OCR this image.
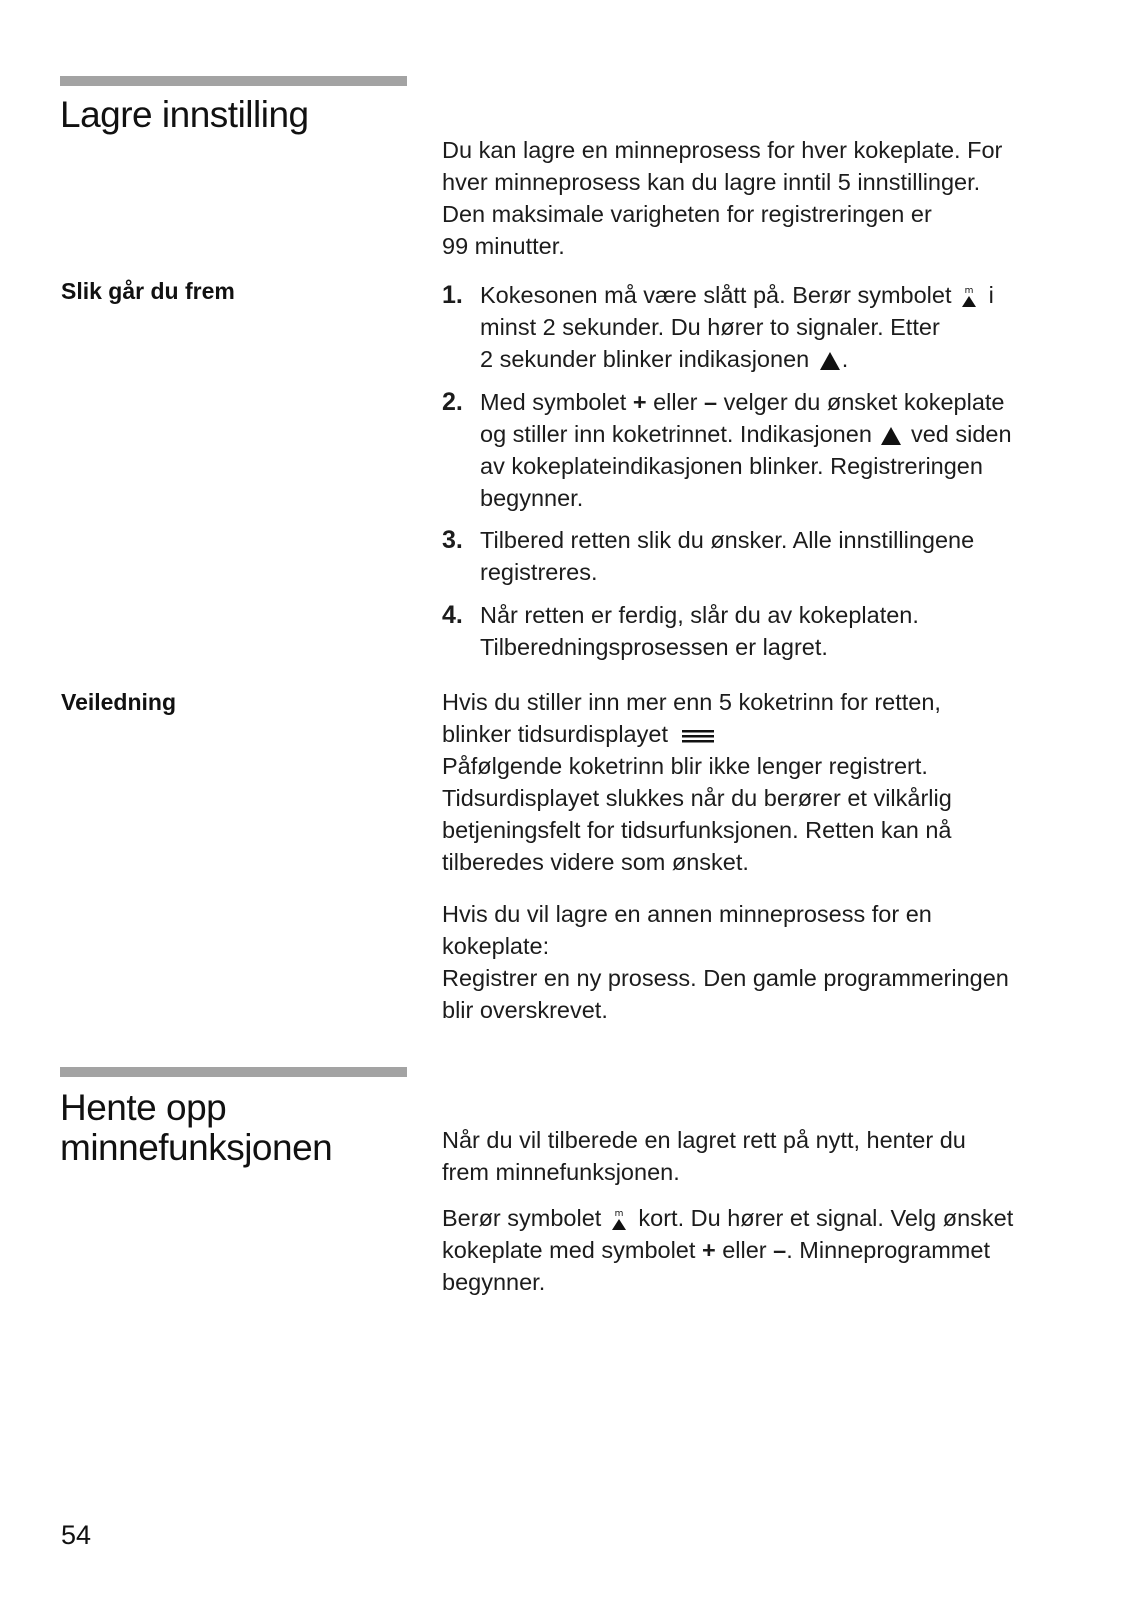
Lagre innstilling
Du kan lagre en minneprosess for hver kokeplate. For
hver minneprosess kan du lagre inntil 5 innstillinger.
Den maksimale varigheten for registreringen er
99 minutter.
Slik går du frem	1. Kokesonen må være slått på. Berør symbolet m i
minst 2 sekunder. Du hører to signaler. Etter
2 sekunder blinker indikasjonen .
2. Med symbolet + eller – velger du ønsket kokeplate
og stiller inn koketrinnet. Indikasjonen ved siden
av kokeplateindikasjonen blinker. Registreringen
begynner.
3. Tilbered retten slik du ønsker. Alle innstillingene
registreres.
4. Når retten er ferdig, slår du av kokeplaten.
Tilberedningsprosessen er lagret.
Veiledning	Hvis du stiller inn mer enn 5 koketrinn for retten,
blinker tidsurdisplayet
Påfølgende koketrinn blir ikke lenger registrert.
Tidsurdisplayet slukkes når du berører et vilkårlig
betjeningsfelt for tidsurfunksjonen. Retten kan nå
tilberedes videre som ønsket.
Hvis du vil lagre en annen minneprosess for en
kokeplate:
Registrer en ny prosess. Den gamle programmeringen
blir overskrevet.
Hente opp
minnefunksjonen	Når du vil tilberede en lagret rett på nytt, henter du
frem minnefunksjonen.
Berør symbolet m kort. Du hører et signal. Velg ønsket
kokeplate med symbolet + eller –. Minneprogrammet
begynner.
54
